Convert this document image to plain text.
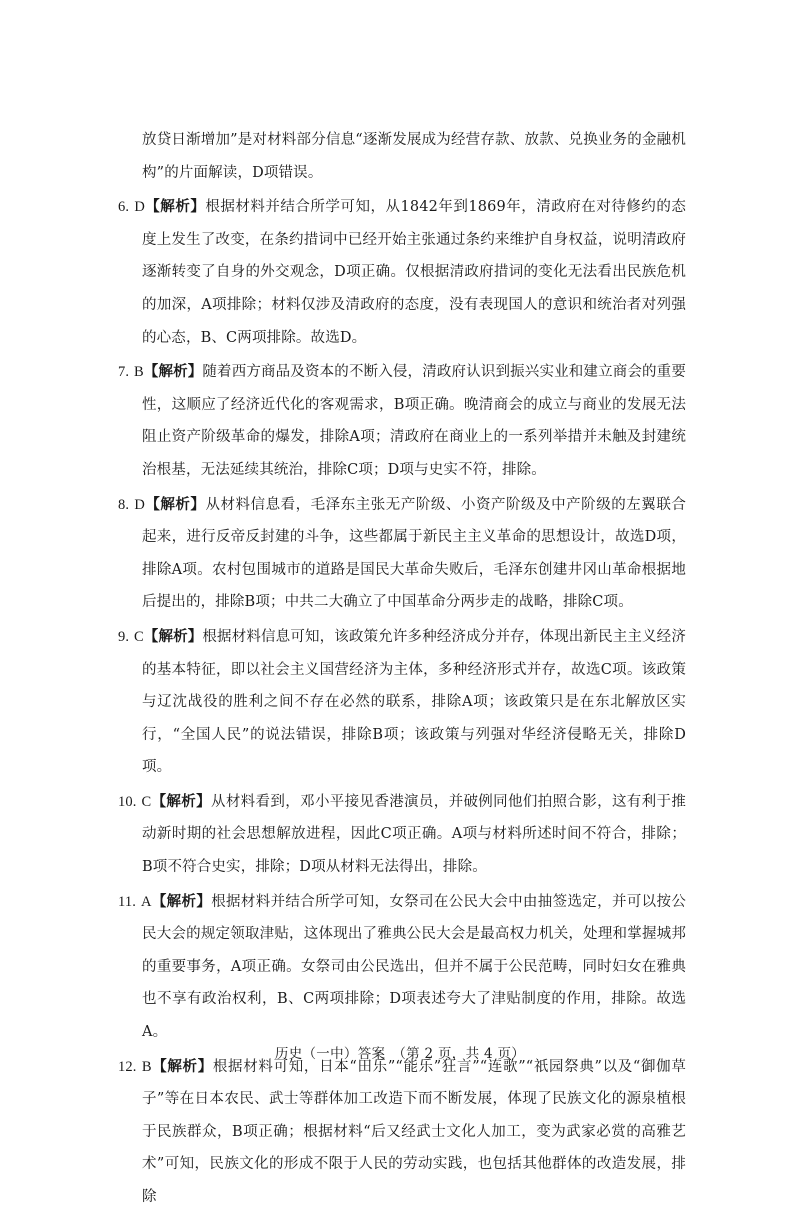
放贷日渐增加”是对材料部分信息“逐渐发展成为经营存款、放款、兑换业务的金融机构”的片面解读，D项错误。

6. D【解析】根据材料并结合所学可知，从1842年到1869年，清政府在对待修约的态度上发生了改变，在条约措词中已经开始主张通过条约来维护自身权益，说明清政府逐渐转变了自身的外交观念，D项正确。仅根据清政府措词的变化无法看出民族危机的加深，A项排除；材料仅涉及清政府的态度，没有表现国人的意识和统治者对列强的心态，B、C两项排除。故选D。

7. B【解析】随着西方商品及资本的不断入侵，清政府认识到振兴实业和建立商会的重要性，这顺应了经济近代化的客观需求，B项正确。晚清商会的成立与商业的发展无法阻止资产阶级革命的爆发，排除A项；清政府在商业上的一系列举措并未触及封建统治根基，无法延续其统治，排除C项；D项与史实不符，排除。

8. D【解析】从材料信息看，毛泽东主张无产阶级、小资产阶级及中产阶级的左翼联合起来，进行反帝反封建的斗争，这些都属于新民主主义革命的思想设计，故选D项，排除A项。农村包围城市的道路是国民大革命失败后，毛泽东创建井冈山革命根据地后提出的，排除B项；中共二大确立了中国革命分两步走的战略，排除C项。

9. C【解析】根据材料信息可知，该政策允许多种经济成分并存，体现出新民主主义经济的基本特征，即以社会主义国营经济为主体，多种经济形式并存，故选C项。该政策与辽沈战役的胜利之间不存在必然的联系，排除A项；该政策只是在东北解放区实行，“全国人民”的说法错误，排除B项；该政策与列强对华经济侵略无关，排除D项。

10. C【解析】从材料看到，邓小平接见香港演员，并破例同他们拍照合影，这有利于推动新时期的社会思想解放进程，因此C项正确。A项与材料所述时间不符合，排除；B项不符合史实，排除；D项从材料无法得出，排除。

11. A【解析】根据材料并结合所学可知，女祭司在公民大会中由抽签选定，并可以按公民大会的规定领取津贴，这体现出了雅典公民大会是最高权力机关，处理和掌握城邦的重要事务，A项正确。女祭司由公民选出，但并不属于公民范畴，同时妇女在雅典也不享有政治权利，B、C两项排除；D项表述夸大了津贴制度的作用，排除。故选A。

12. B【解析】根据材料可知，日本“田乐”“能乐”狂言”“连歌”“祇园祭典”以及“御伽草子”等在日本农民、武士等群体加工改造下而不断发展，体现了民族文化的源泉植根于民族群众，B项正确；根据材料“后又经武士文化人加工，变为武家必赏的高雅艺术”可知，民族文化的形成不限于人民的劳动实践，也包括其他群体的改造发展，排除

历史（一中）答案　（第 2 页，共 4 页）
